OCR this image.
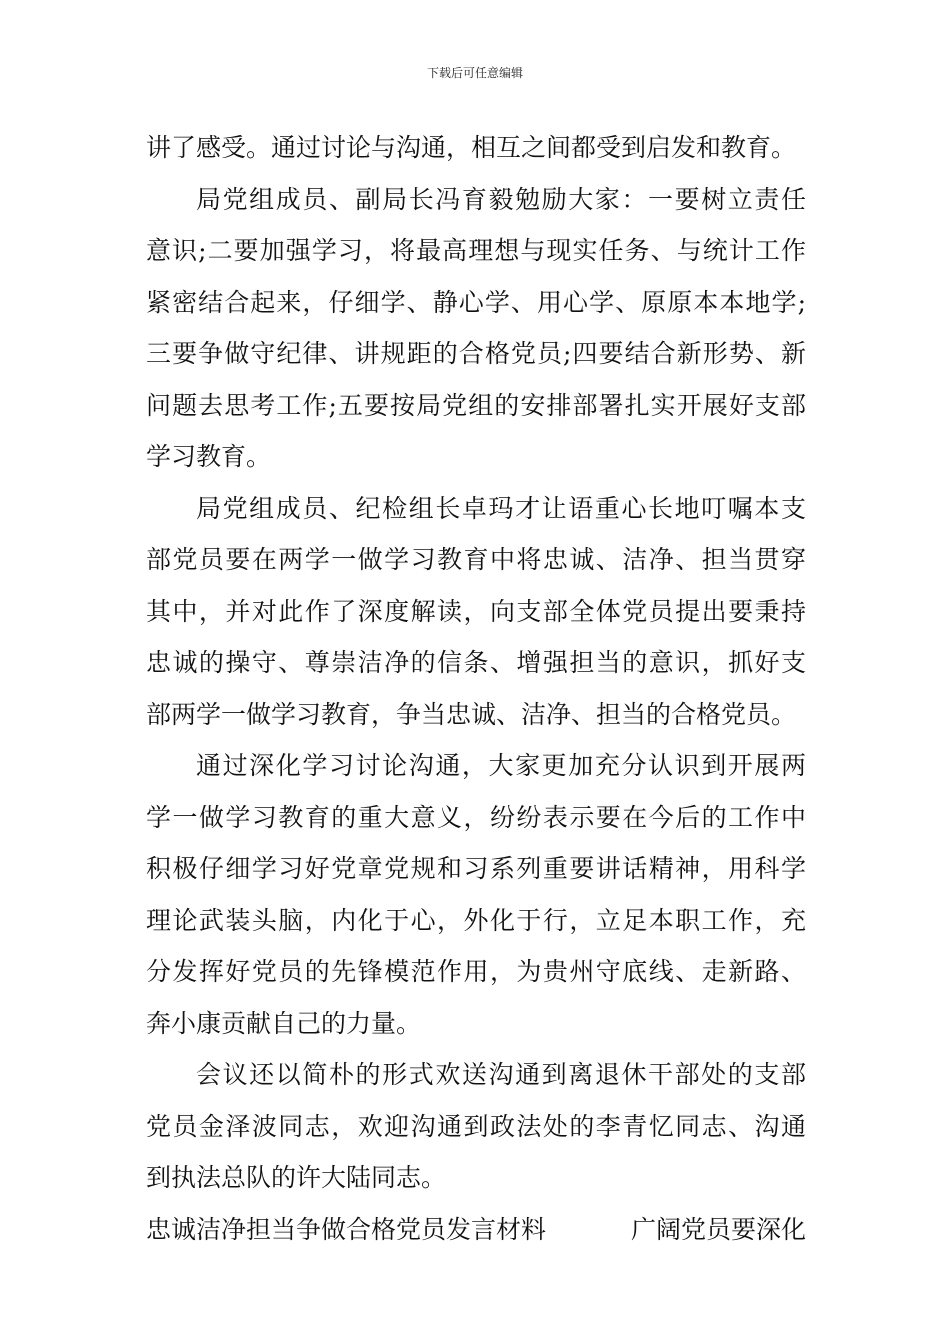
下载后可任意编辑
讲了感受。通过讨论与沟通，相互之间都受到启发和教育。
局党组成员、副局长冯育毅勉励大家：一要树立责任
意识;二要加强学习，将最高理想与现实任务、与统计工作
紧密结合起来，仔细学、静心学、用心学、原原本本地学;
三要争做守纪律、讲规距的合格党员;四要结合新形势、新
问题去思考工作;五要按局党组的安排部署扎实开展好支部
学习教育。
局党组成员、纪检组长卓玛才让语重心长地叮嘱本支
部党员要在两学一做学习教育中将忠诚、洁净、担当贯穿
其中，并对此作了深度解读，向支部全体党员提出要秉持
忠诚的操守、尊崇洁净的信条、增强担当的意识，抓好支
部两学一做学习教育，争当忠诚、洁净、担当的合格党员。
通过深化学习讨论沟通，大家更加充分认识到开展两
学一做学习教育的重大意义，纷纷表示要在今后的工作中
积极仔细学习好党章党规和习系列重要讲话精神，用科学
理论武装头脑，内化于心，外化于行，立足本职工作，充
分发挥好党员的先锋模范作用，为贵州守底线、走新路、
奔小康贡献自己的力量。
会议还以简朴的形式欢送沟通到离退休干部处的支部
党员金泽波同志，欢迎沟通到政法处的李青忆同志、沟通
到执法总队的许大陆同志。
忠诚洁净担当争做合格党员发言材料	广阔党员要深化
